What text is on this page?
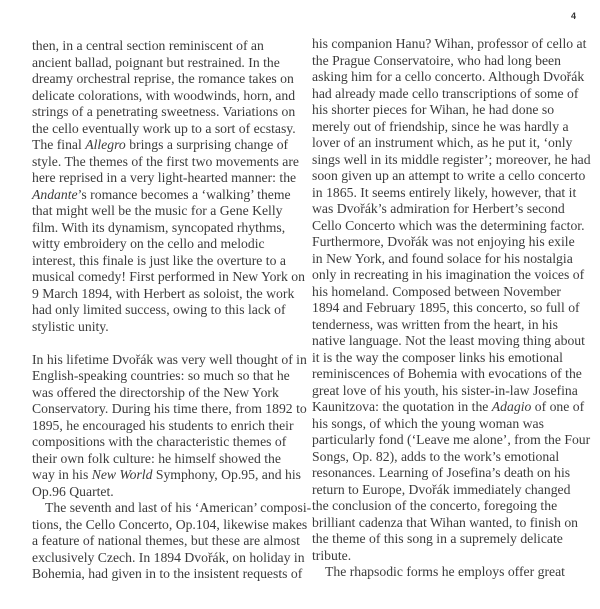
4
then, in a central section reminiscent of an
ancient ballad, poignant but restrained. In the
dreamy orchestral reprise, the romance takes on
delicate colorations, with woodwinds, horn, and
strings of a penetrating sweetness. Variations on
the cello eventually work up to a sort of ecstasy.
The final Allegro brings a surprising change of
style. The themes of the first two movements are
here reprised in a very light-hearted manner: the
Andante’s romance becomes a ‘walking’ theme
that might well be the music for a Gene Kelly
film. With its dynamism, syncopated rhythms,
witty embroidery on the cello and melodic
interest, this finale is just like the overture to a
musical comedy! First performed in New York on
9 March 1894, with Herbert as soloist, the work
had only limited success, owing to this lack of
stylistic unity.
In his lifetime Dvořák was very well thought of in
English-speaking countries: so much so that he
was offered the directorship of the New York
Conservatory. During his time there, from 1892 to
1895, he encouraged his students to enrich their
compositions with the characteristic themes of
their own folk culture: he himself showed the
way in his New World Symphony, Op.95, and his
Op.96 Quartet.
The seventh and last of his ‘American’ composi-
tions, the Cello Concerto, Op.104, likewise makes
a feature of national themes, but these are almost
exclusively Czech. In 1894 Dvořák, on holiday in
Bohemia, had given in to the insistent requests of
his companion Hanu? Wihan, professor of cello at
the Prague Conservatoire, who had long been
asking him for a cello concerto. Although Dvořák
had already made cello transcriptions of some of
his shorter pieces for Wihan, he had done so
merely out of friendship, since he was hardly a
lover of an instrument which, as he put it, ‘only
sings well in its middle register’; moreover, he had
soon given up an attempt to write a cello concerto
in 1865. It seems entirely likely, however, that it
was Dvořák’s admiration for Herbert’s second
Cello Concerto which was the determining factor.
Furthermore, Dvořák was not enjoying his exile
in New York, and found solace for his nostalgia
only in recreating in his imagination the voices of
his homeland. Composed between November
1894 and February 1895, this concerto, so full of
tenderness, was written from the heart, in his
native language. Not the least moving thing about
it is the way the composer links his emotional
reminiscences of Bohemia with evocations of the
great love of his youth, his sister-in-law Josefina
Kaunitzova: the quotation in the Adagio of one of
his songs, of which the young woman was
particularly fond (‘Leave me alone’, from the Four
Songs, Op. 82), adds to the work’s emotional
resonances. Learning of Josefina’s death on his
return to Europe, Dvořák immediately changed
the conclusion of the concerto, foregoing the
brilliant cadenza that Wihan wanted, to finish on
the theme of this song in a supremely delicate
tribute.
The rhapsodic forms he employs offer great
